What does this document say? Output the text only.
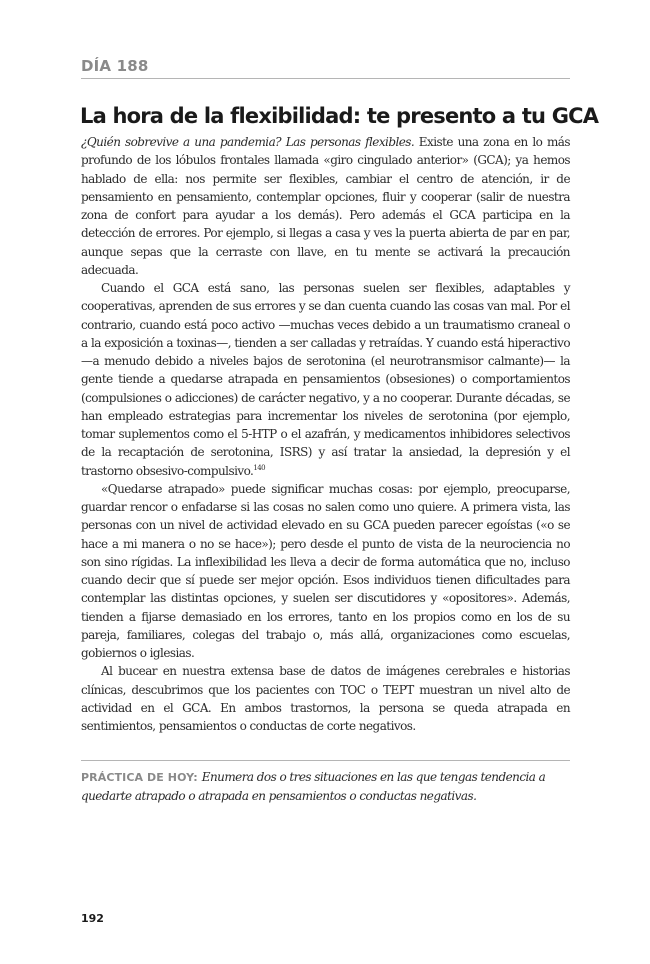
DÍA 188
La hora de la flexibilidad: te presento a tu GCA

¿Quién sobrevive a una pandemia? Las personas flexibles. Existe una zona en lo más profundo de los lóbulos frontales llamada «giro cingulado anterior» (GCA); ya hemos hablado de ella: nos permite ser flexibles, cambiar el centro de atención, ir de pensamiento en pensamiento, contemplar opciones, fluir y cooperar (salir de nuestra zona de confort para ayudar a los demás). Pero además el GCA participa en la detección de errores. Por ejemplo, si llegas a casa y ves la puerta abierta de par en par, aunque sepas que la cerraste con llave, en tu mente se activará la precaución adecuada.

Cuando el GCA está sano, las personas suelen ser flexibles, adaptables y cooperativas, aprenden de sus errores y se dan cuenta cuando las cosas van mal. Por el contrario, cuando está poco activo —muchas veces debido a un traumatismo craneal o a la exposición a toxinas—, tienden a ser calladas y retraídas. Y cuando está hiperactivo —a menudo debido a niveles bajos de serotonina (el neurotransmisor calmante)— la gente tiende a quedarse atrapada en pensamientos (obsesiones) o comportamientos (compulsiones o adicciones) de carácter negativo, y a no cooperar. Durante décadas, se han empleado estrategias para incrementar los niveles de serotonina (por ejemplo, tomar suplementos como el 5-HTP o el azafrán, y medicamentos inhibidores selectivos de la recaptación de serotonina, ISRS) y así tratar la ansiedad, la depresión y el trastorno obsesivo-compulsivo.$^{140}$

«Quedarse atrapado» puede significar muchas cosas: por ejemplo, preocuparse, guardar rencor o enfadarse si las cosas no salen como uno quiere. A primera vista, las personas con un nivel de actividad elevado en su GCA pueden parecer egoístas («o se hace a mi manera o no se hace»); pero desde el punto de vista de la neurociencia no son sino rígidas. La inflexibilidad les lleva a decir de forma automática que no, incluso cuando decir que sí puede ser mejor opción. Esos individuos tienen dificultades para contemplar las distintas opciones, y suelen ser discutidores y «opositores». Además, tienden a fijarse demasiado en los errores, tanto en los propios como en los de su pareja, familiares, colegas del trabajo o, más allá, organizaciones como escuelas, gobiernos o iglesias.

Al bucear en nuestra extensa base de datos de imágenes cerebrales e historias clínicas, descubrimos que los pacientes con TOC o TEPT muestran un nivel alto de actividad en el GCA. En ambos trastornos, la persona se queda atrapada en sentimientos, pensamientos o conductas de corte negativos.

PRÁCTICA DE HOY: Enumera dos o tres situaciones en las que tengas tendencia a quedarte atrapado o atrapada en pensamientos o conductas negativas.
192
